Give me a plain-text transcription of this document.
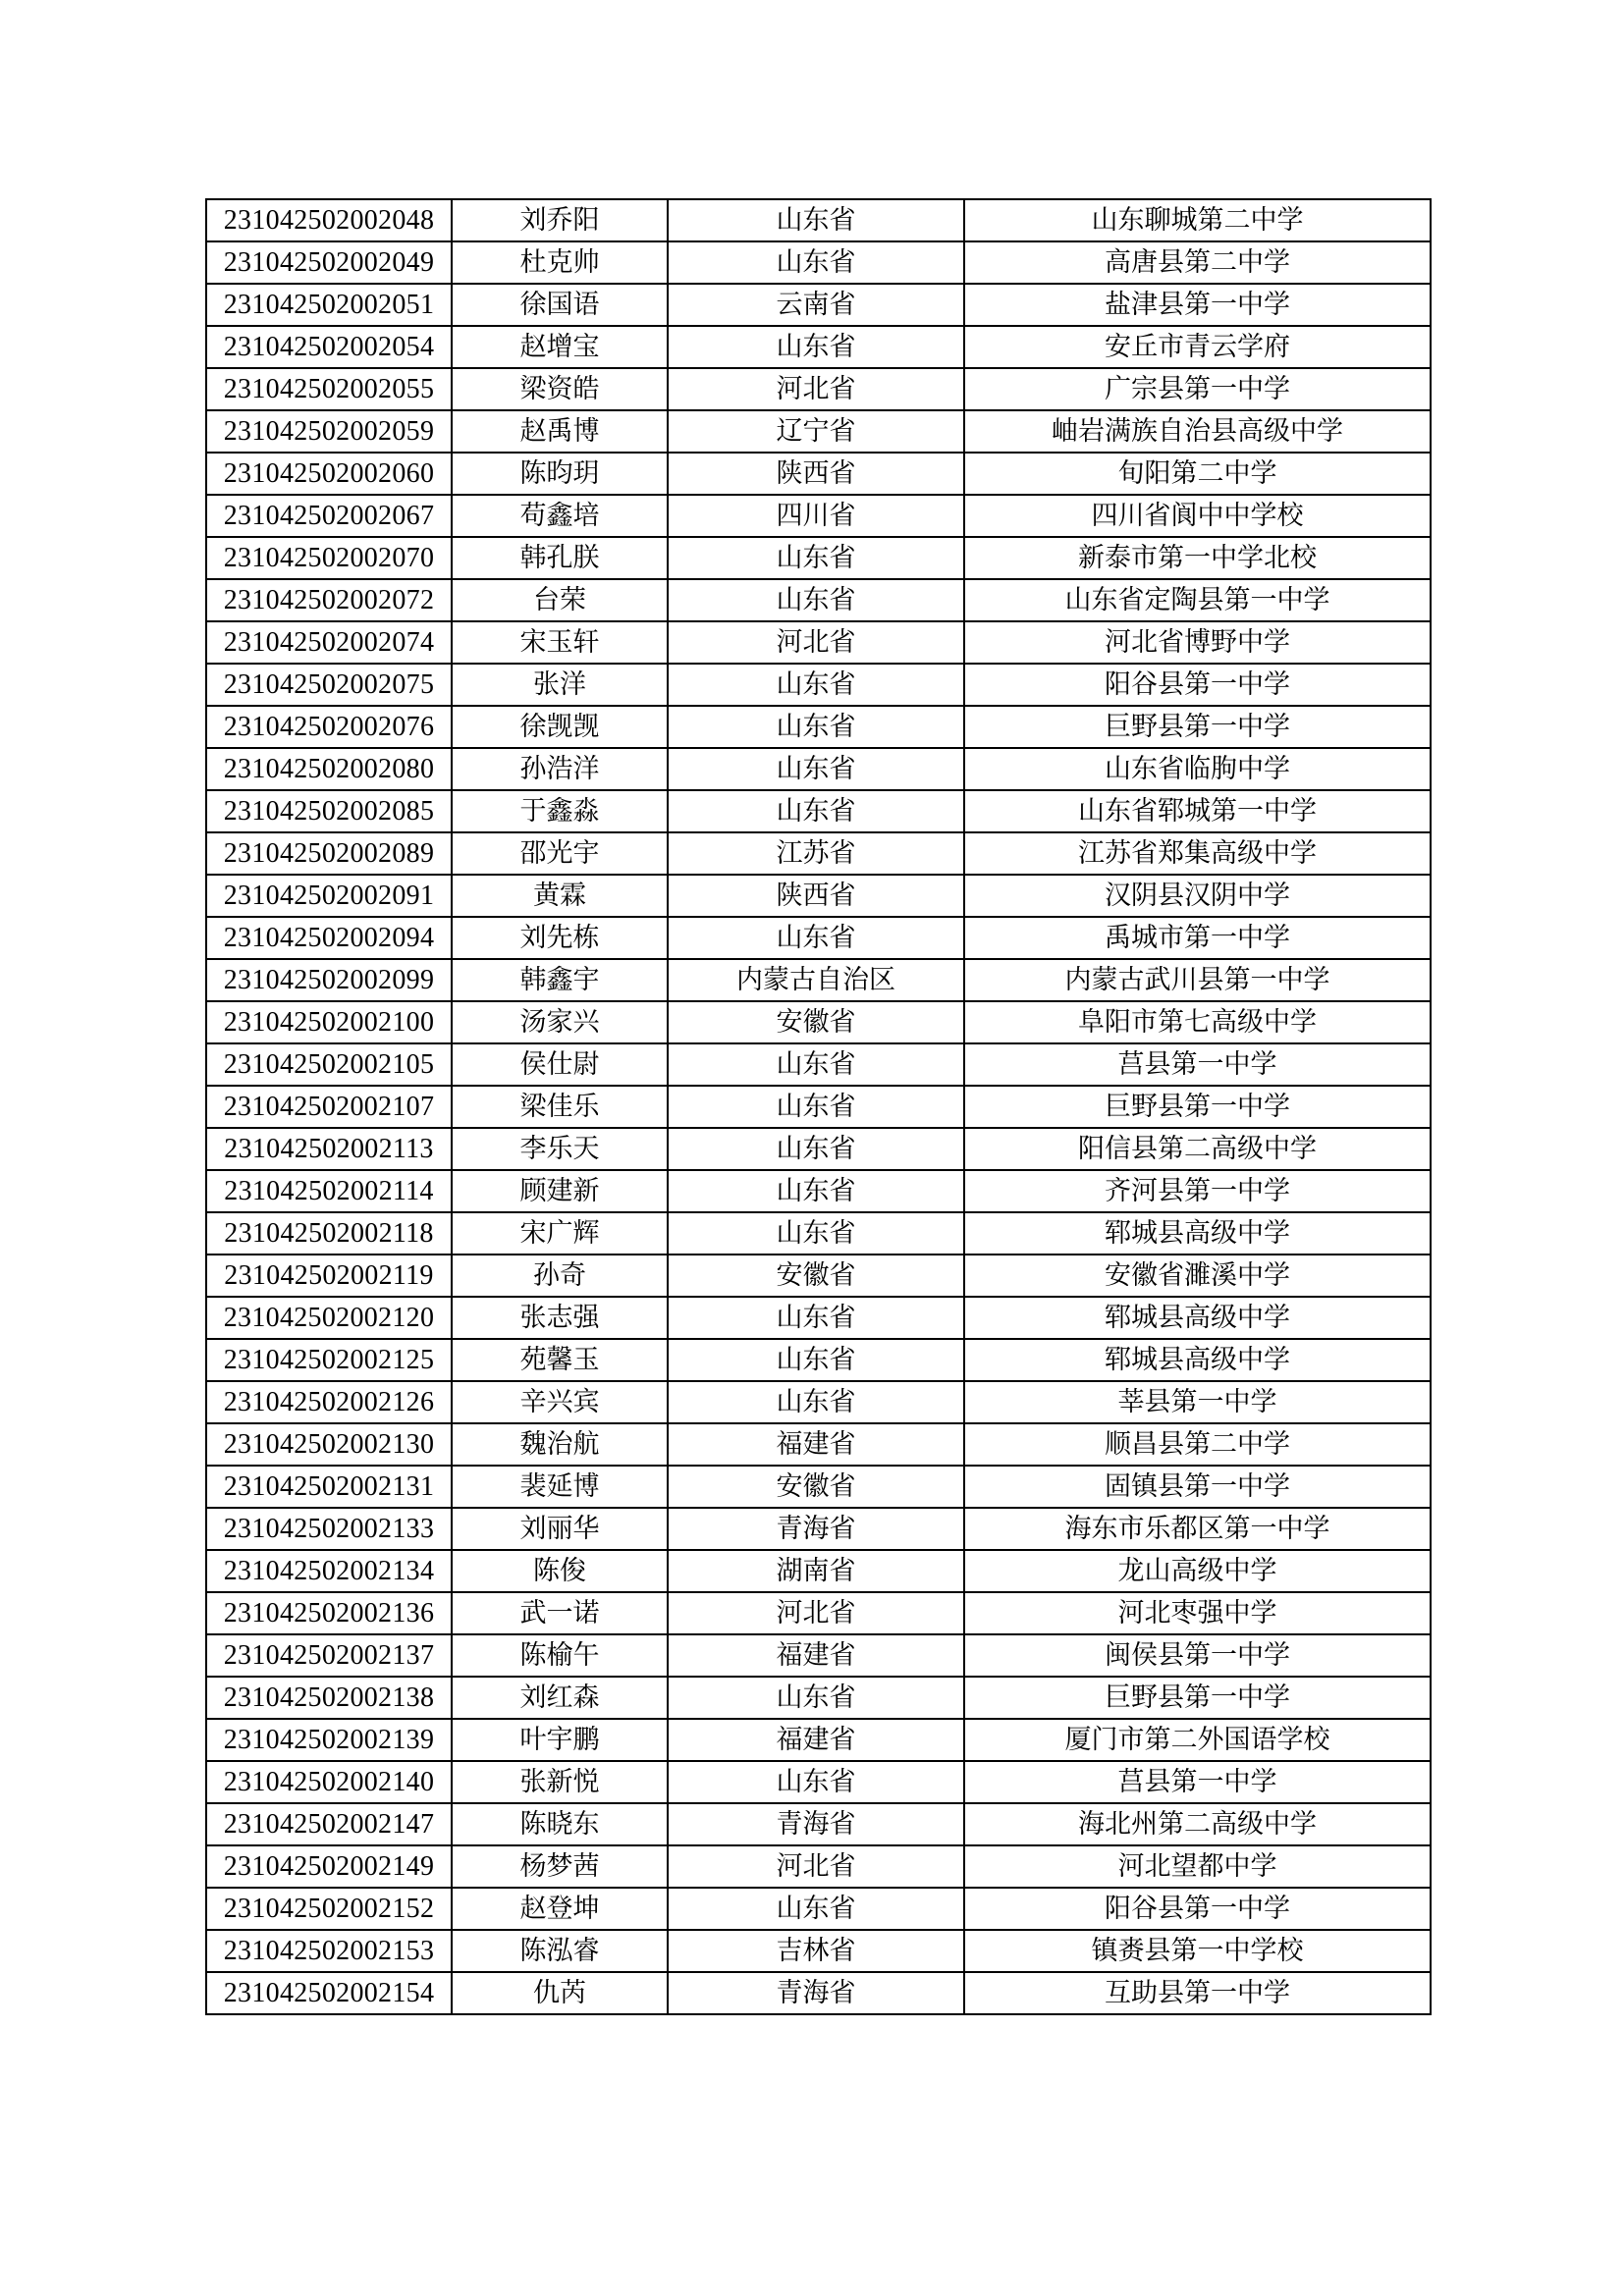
231042502002048	刘乔阳	山东省	山东聊城第二中学
231042502002049	杜克帅	山东省	高唐县第二中学
231042502002051	徐国语	云南省	盐津县第一中学
231042502002054	赵增宝	山东省	安丘市青云学府
231042502002055	梁资皓	河北省	广宗县第一中学
231042502002059	赵禹博	辽宁省	岫岩满族自治县高级中学
231042502002060	陈昀玥	陕西省	旬阳第二中学
231042502002067	苟鑫培	四川省	四川省阆中中学校
231042502002070	韩孔朕	山东省	新泰市第一中学北校
231042502002072	台荣	山东省	山东省定陶县第一中学
231042502002074	宋玉轩	河北省	河北省博野中学
231042502002075	张洋	山东省	阳谷县第一中学
231042502002076	徐觊觊	山东省	巨野县第一中学
231042502002080	孙浩洋	山东省	山东省临朐中学
231042502002085	于鑫淼	山东省	山东省郓城第一中学
231042502002089	邵光宇	江苏省	江苏省郑集高级中学
231042502002091	黄霖	陕西省	汉阴县汉阴中学
231042502002094	刘先栋	山东省	禹城市第一中学
231042502002099	韩鑫宇	内蒙古自治区	内蒙古武川县第一中学
231042502002100	汤家兴	安徽省	阜阳市第七高级中学
231042502002105	侯仕尉	山东省	莒县第一中学
231042502002107	梁佳乐	山东省	巨野县第一中学
231042502002113	李乐天	山东省	阳信县第二高级中学
231042502002114	顾建新	山东省	齐河县第一中学
231042502002118	宋广辉	山东省	郓城县高级中学
231042502002119	孙奇	安徽省	安徽省濉溪中学
231042502002120	张志强	山东省	郓城县高级中学
231042502002125	苑馨玉	山东省	郓城县高级中学
231042502002126	辛兴宾	山东省	莘县第一中学
231042502002130	魏治航	福建省	顺昌县第二中学
231042502002131	裴延博	安徽省	固镇县第一中学
231042502002133	刘丽华	青海省	海东市乐都区第一中学
231042502002134	陈俊	湖南省	龙山高级中学
231042502002136	武一诺	河北省	河北枣强中学
231042502002137	陈榆午	福建省	闽侯县第一中学
231042502002138	刘红森	山东省	巨野县第一中学
231042502002139	叶宇鹏	福建省	厦门市第二外国语学校
231042502002140	张新悦	山东省	莒县第一中学
231042502002147	陈晓东	青海省	海北州第二高级中学
231042502002149	杨梦茜	河北省	河北望都中学
231042502002152	赵登坤	山东省	阳谷县第一中学
231042502002153	陈泓睿	吉林省	镇赉县第一中学校
231042502002154	仇芮	青海省	互助县第一中学
